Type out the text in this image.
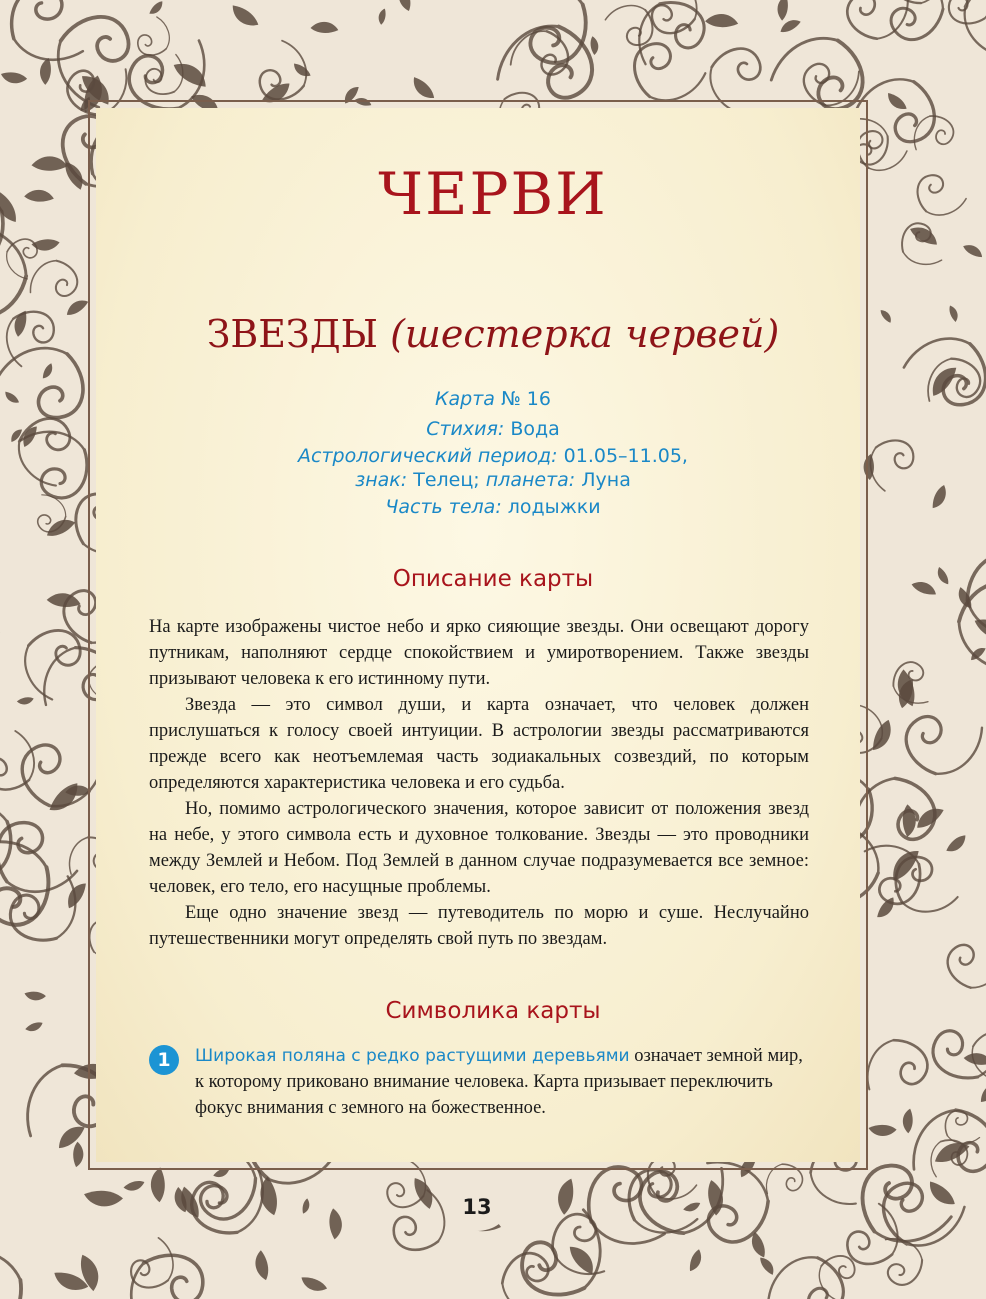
ЧЕРВИ
ЗВЕЗДЫ (шестерка червей)
Карта № 16
Стихия: Вода
Астрологический период: 01.05–11.05,
знак: Телец; планета: Луна
Часть тела: лодыжки
Описание карты

На карте изображены чистое небо и ярко сияющие звезды. Они освещают дорогу путникам, наполняют сердце спокойствием и умиротворением. Также звезды призывают человека к его истинному пути.

Звезда — это символ души, и карта означает, что человек должен прислушаться к голосу своей интуиции. В астрологии звезды рассматриваются прежде всего как неотъемлемая часть зодиакальных созвездий, по которым определяются характеристика человека и его судьба.

Но, помимо астрологического значения, которое зависит от положения звезд на небе, у этого символа есть и духовное толкование. Звезды — это проводники между Землей и Небом. Под Землей в данном случае подразумевается все земное: человек, его тело, его насущные проблемы.

Еще одно значение звезд — путеводитель по морю и суше. Неслучайно путешественники могут определять свой путь по звездам.

Символика карты
1	Широкая поляна с редко растущими деревьями означает земной мир, к которому приковано внимание человека. Карта призывает переключить фокус внимания с земного на божественное.
13
